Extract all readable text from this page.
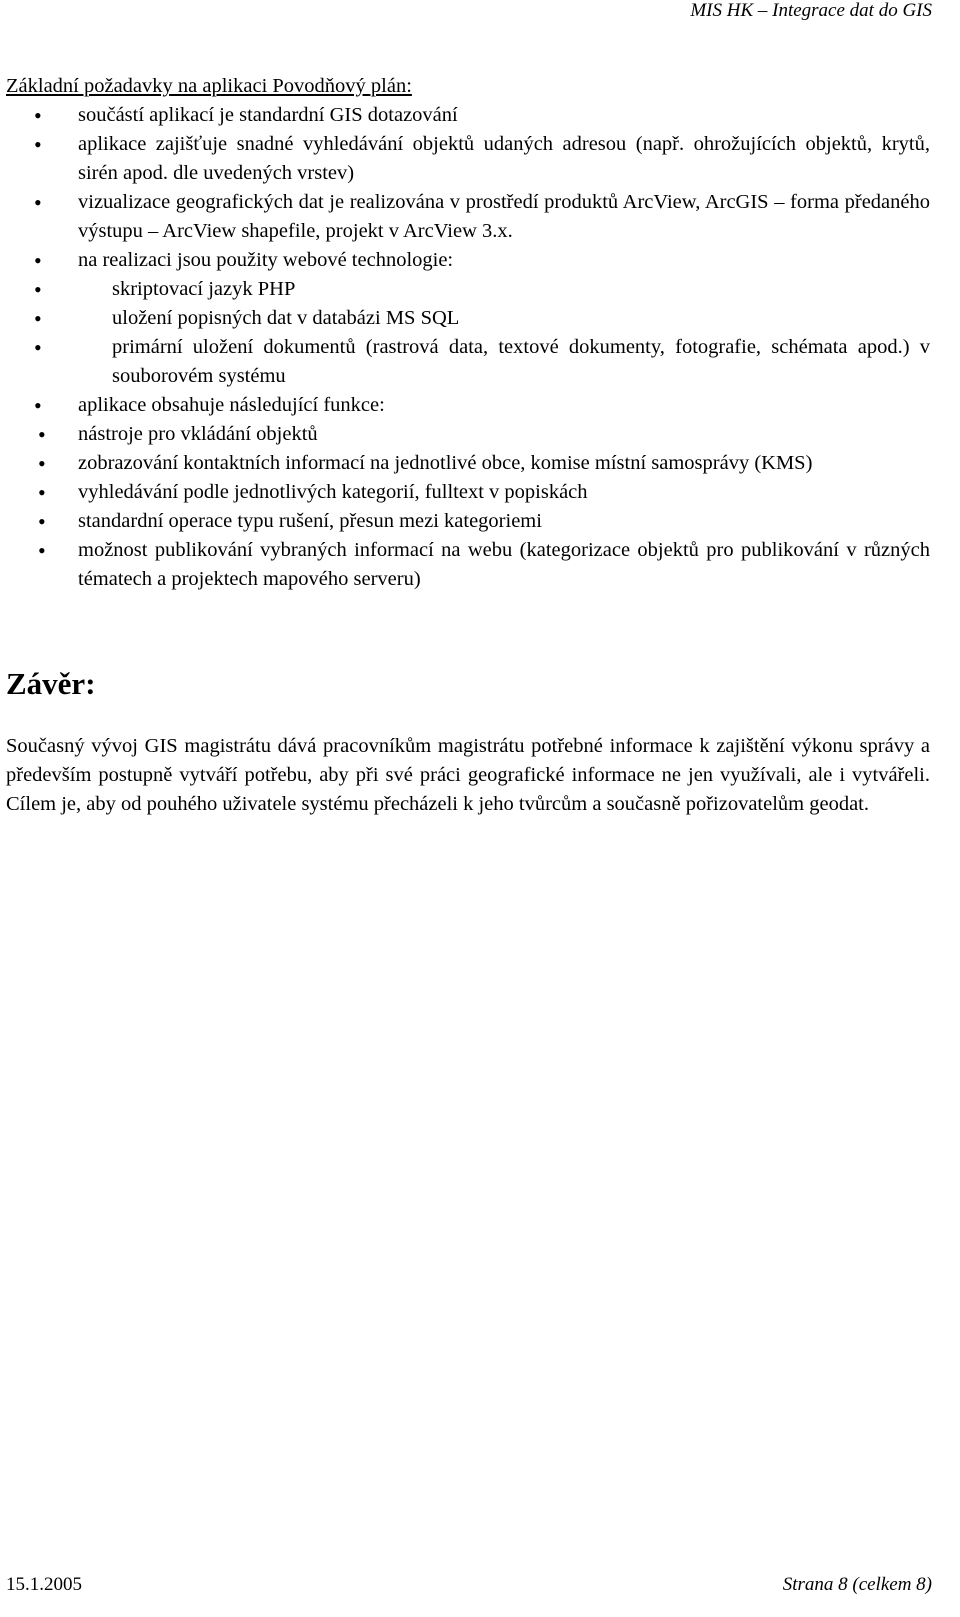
MIS HK – Integrace dat do GIS
Základní požadavky na aplikaci Povodňový plán:
• součástí aplikací je standardní GIS dotazování
• aplikace zajišťuje snadné vyhledávání objektů udaných adresou (např. ohrožujících objektů, krytů, sirén apod. dle uvedených vrstev)
• vizualizace geografických dat je realizována v prostředí produktů ArcView, ArcGIS – forma předaného výstupu – ArcView shapefile, projekt v ArcView 3.x.
• na realizaci jsou použity webové technologie:
• skriptovací jazyk PHP
• uložení popisných dat v databázi MS SQL
• primární uložení dokumentů (rastrová data, textové dokumenty, fotografie, schémata apod.) v souborovém systému
• aplikace obsahuje následující funkce:
• nástroje pro vkládání objektů
• zobrazování kontaktních informací na jednotlivé obce, komise místní samosprávy (KMS)
• vyhledávání podle jednotlivých kategorií, fulltext v popiskách
• standardní operace typu rušení, přesun mezi kategoriemi
• možnost publikování vybraných informací na webu (kategorizace objektů pro publikování v různých tématech a projektech mapového serveru)
Závěr:
Současný vývoj GIS magistrátu dává pracovníkům magistrátu potřebné informace k zajištění výkonu správy a především postupně vytváří potřebu, aby při své práci geografické informace ne jen využívali, ale i vytvářeli. Cílem je, aby od pouhého uživatele systému přecházeli k jeho tvůrcům a současně pořizovatelům geodat.
15.1.2005	Strana 8 (celkem 8)
